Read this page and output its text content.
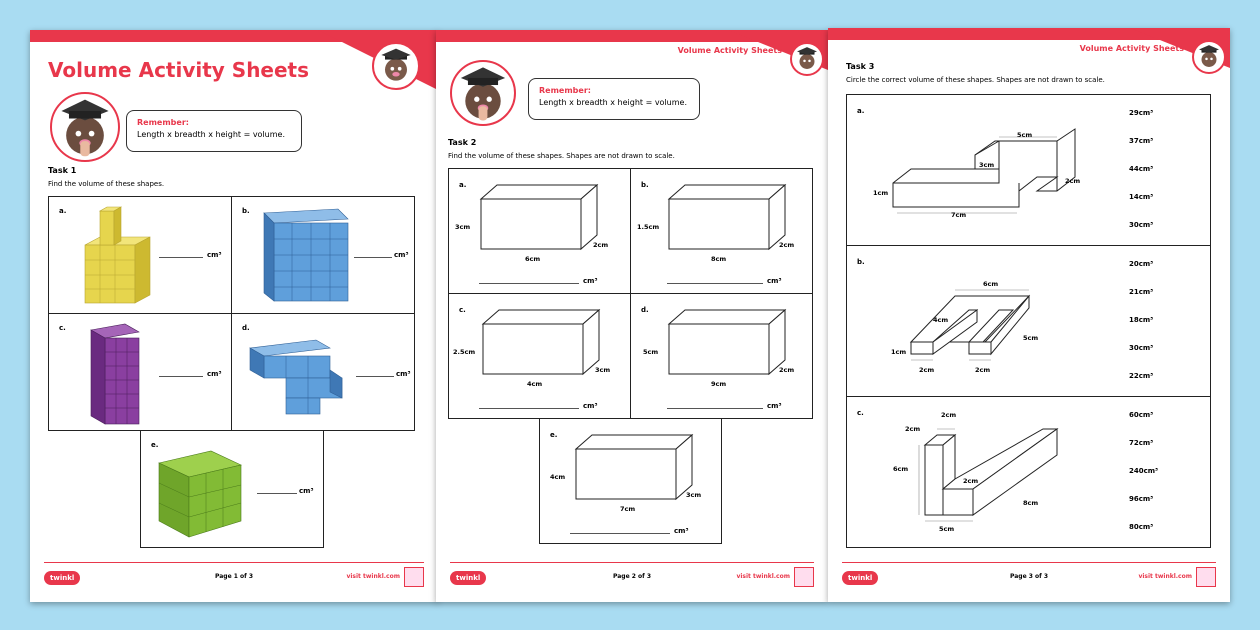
Volume Activity Sheets
Remember:
Length x breadth x height = volume.
Task 1
Find the volume of these shapes.
a.
cm³
b.
cm³
c.
cm³
d.
cm³
e.
cm³
twinkl	Page 1 of 3	visit twinkl.com
Volume Activity Sheets
Remember:
Length x breadth x height = volume.
Task 2
Find the volume of these shapes. Shapes are not drawn to scale.
a.
3cm
6cm
2cm
cm³
b.
1.5cm
8cm
2cm
cm³
c.
2.5cm
4cm
3cm
cm³
d.
5cm
9cm
2cm
cm³
e.
4cm
7cm
3cm
cm³
twinkl	Page 2 of 3	visit twinkl.com
Volume Activity Sheets
Task 3
Circle the correct volume of these shapes. Shapes are not drawn to scale.
a.
5cm
3cm
1cm
7cm
2cm
29cm³
37cm³
44cm³
14cm³
30cm³
b.
6cm
4cm
1cm
2cm	2cm
5cm
20cm³
21cm³
18cm³
30cm³
22cm³
c.	2cm
2cm
6cm
2cm
5cm
8cm
60cm³
72cm³
240cm³
96cm³
80cm³
twinkl	Page 3 of 3	visit twinkl.com
